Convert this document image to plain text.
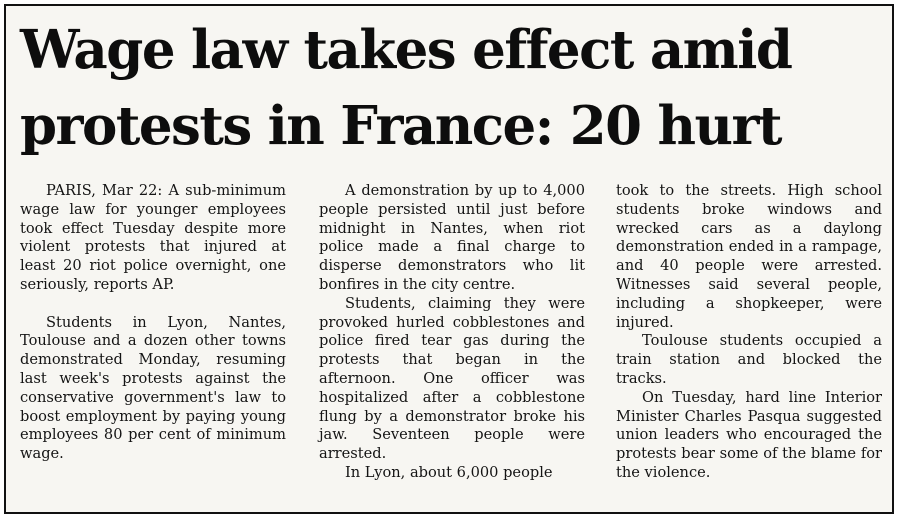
Wage law takes effect amid
protests in France: 20 hurt

PARIS, Mar 22: A sub-minimum wage law for younger employees took effect Tuesday despite more violent protests that injured at least 20 riot police overnight, one seriously, reports AP.

Students in Lyon, Nantes, Toulouse and a dozen other towns demonstrated Monday, resuming last week's protests against the conservative government's law to boost employment by paying young employees 80 per cent of minimum wage.

A demonstration by up to 4,000 people persisted until just before midnight in Nantes, when riot police made a final charge to disperse demonstrators who lit bonfires in the city centre.

Students, claiming they were provoked hurled cobblestones and police fired tear gas during the protests that began in the afternoon. One officer was hospitalized after a cobblestone flung by a demonstrator broke his jaw. Seventeen people were arrested.

In Lyon, about 6,000 people

took to the streets. High school students broke windows and wrecked cars as a daylong demonstration ended in a rampage, and 40 people were arrested. Witnesses said several people, including a shopkeeper, were injured.

Toulouse students occupied a train station and blocked the tracks.

On Tuesday, hard line Interior Minister Charles Pasqua suggested union leaders who encouraged the protests bear some of the blame for the violence.
